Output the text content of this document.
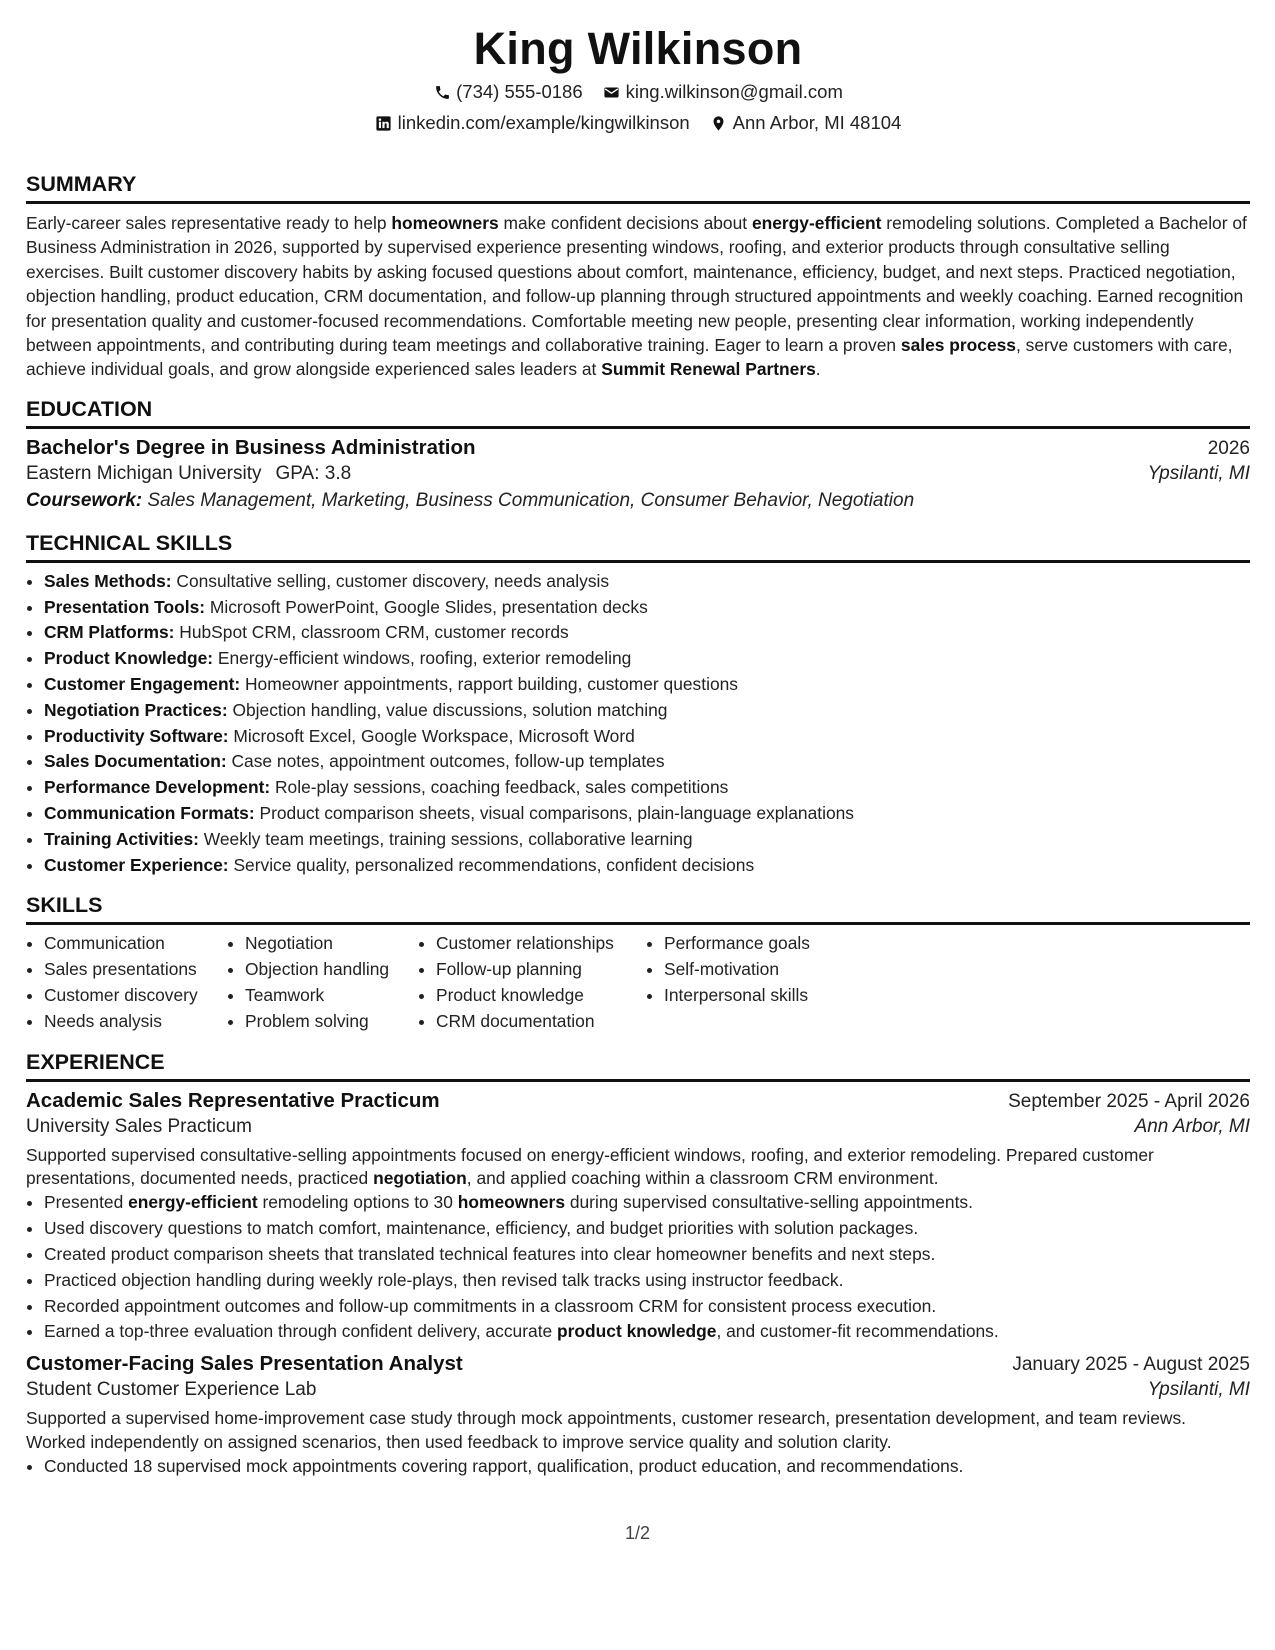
King Wilkinson
(734) 555-0186 king.wilkinson@gmail.com
linkedin.com/example/kingwilkinson Ann Arbor, MI 48104
SUMMARY
Early-career sales representative ready to help homeowners make confident decisions about energy-efficient remodeling solutions. Completed a Bachelor of Business Administration in 2026, supported by supervised experience presenting windows, roofing, and exterior products through consultative selling exercises. Built customer discovery habits by asking focused questions about comfort, maintenance, efficiency, budget, and next steps. Practiced negotiation, objection handling, product education, CRM documentation, and follow-up planning through structured appointments and weekly coaching. Earned recognition for presentation quality and customer-focused recommendations. Comfortable meeting new people, presenting clear information, working independently between appointments, and contributing during team meetings and collaborative training. Eager to learn a proven sales process, serve customers with care, achieve individual goals, and grow alongside experienced sales leaders at Summit Renewal Partners.
EDUCATION
Bachelor's Degree in Business Administration	2026
Eastern Michigan University GPA: 3.8	Ypsilanti, MI
Coursework: Sales Management, Marketing, Business Communication, Consumer Behavior, Negotiation
TECHNICAL SKILLS
• Sales Methods: Consultative selling, customer discovery, needs analysis
• Presentation Tools: Microsoft PowerPoint, Google Slides, presentation decks
• CRM Platforms: HubSpot CRM, classroom CRM, customer records
• Product Knowledge: Energy-efficient windows, roofing, exterior remodeling
• Customer Engagement: Homeowner appointments, rapport building, customer questions
• Negotiation Practices: Objection handling, value discussions, solution matching
• Productivity Software: Microsoft Excel, Google Workspace, Microsoft Word
• Sales Documentation: Case notes, appointment outcomes, follow-up templates
• Performance Development: Role-play sessions, coaching feedback, sales competitions
• Communication Formats: Product comparison sheets, visual comparisons, plain-language explanations
• Training Activities: Weekly team meetings, training sessions, collaborative learning
• Customer Experience: Service quality, personalized recommendations, confident decisions
SKILLS
• Communication
• Sales presentations
• Customer discovery
• Needs analysis
• Negotiation
• Objection handling
• Teamwork
• Problem solving
• Customer relationships
• Follow-up planning
• Product knowledge
• CRM documentation
• Performance goals
• Self-motivation
• Interpersonal skills
EXPERIENCE
Academic Sales Representative Practicum	September 2025 - April 2026
University Sales Practicum	Ann Arbor, MI
Supported supervised consultative-selling appointments focused on energy-efficient windows, roofing, and exterior remodeling. Prepared customer presentations, documented needs, practiced negotiation, and applied coaching within a classroom CRM environment.
• Presented energy-efficient remodeling options to 30 homeowners during supervised consultative-selling appointments.
• Used discovery questions to match comfort, maintenance, efficiency, and budget priorities with solution packages.
• Created product comparison sheets that translated technical features into clear homeowner benefits and next steps.
• Practiced objection handling during weekly role-plays, then revised talk tracks using instructor feedback.
• Recorded appointment outcomes and follow-up commitments in a classroom CRM for consistent process execution.
• Earned a top-three evaluation through confident delivery, accurate product knowledge, and customer-fit recommendations.
Customer-Facing Sales Presentation Analyst	January 2025 - August 2025
Student Customer Experience Lab	Ypsilanti, MI
Supported a supervised home-improvement case study through mock appointments, customer research, presentation development, and team reviews. Worked independently on assigned scenarios, then used feedback to improve service quality and solution clarity.
• Conducted 18 supervised mock appointments covering rapport, qualification, product education, and recommendations.
1/2
